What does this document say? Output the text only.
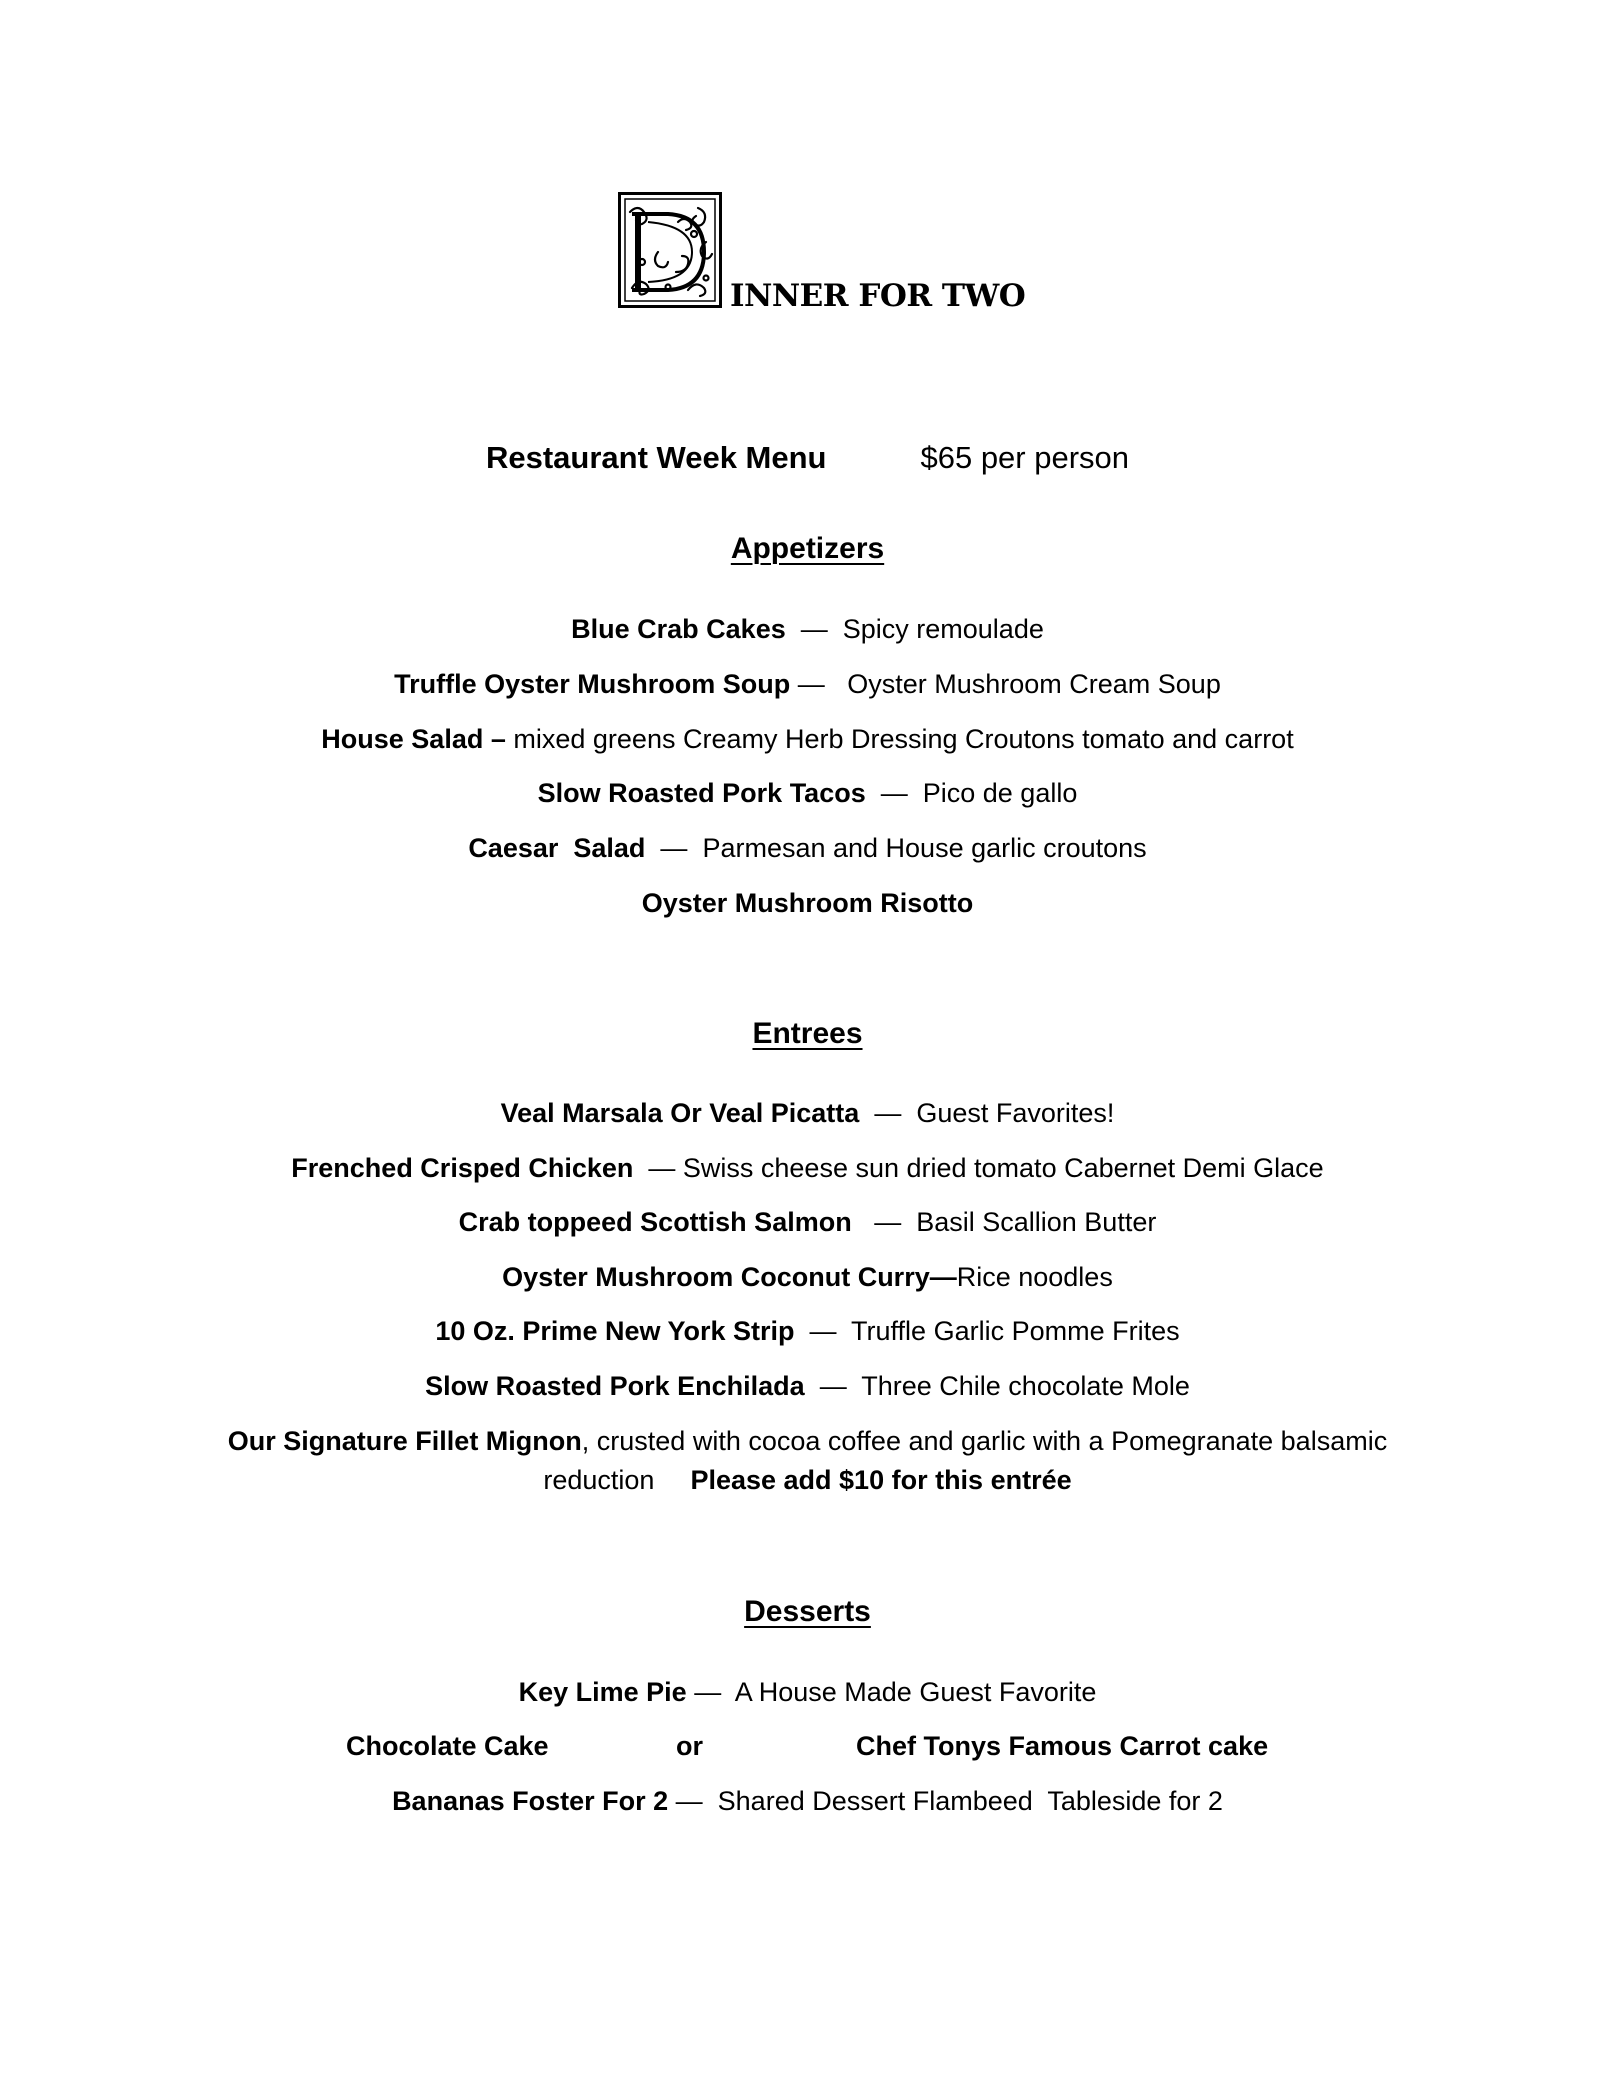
INNER FOR TWO
Restaurant Week Menu	$65 per person
Appetizers
Blue Crab Cakes  —  Spicy remoulade
Truffle Oyster Mushroom Soup —   Oyster Mushroom Cream Soup
House Salad – mixed greens Creamy Herb Dressing Croutons tomato and carrot
Slow Roasted Pork Tacos  —  Pico de gallo
Caesar  Salad  —  Parmesan and House garlic croutons
Oyster Mushroom Risotto
Entrees
Veal Marsala Or Veal Picatta  —  Guest Favorites!
Frenched Crisped Chicken  — Swiss cheese sun dried tomato Cabernet Demi Glace
Crab toppeed Scottish Salmon   —  Basil Scallion Butter
Oyster Mushroom Coconut Curry—Rice noodles
10 Oz. Prime New York Strip  —  Truffle Garlic Pomme Frites
Slow Roasted Pork Enchilada  —  Three Chile chocolate Mole
Our Signature Fillet Mignon, crusted with cocoa coffee and garlic with a Pomegranate balsamic
reduction Please add $10 for this entrée
Desserts
Key Lime Pie —  A House Made Guest Favorite
Chocolate Cake	or	Chef Tonys Famous Carrot cake
Bananas Foster For 2 —  Shared Dessert Flambeed  Tableside for 2
